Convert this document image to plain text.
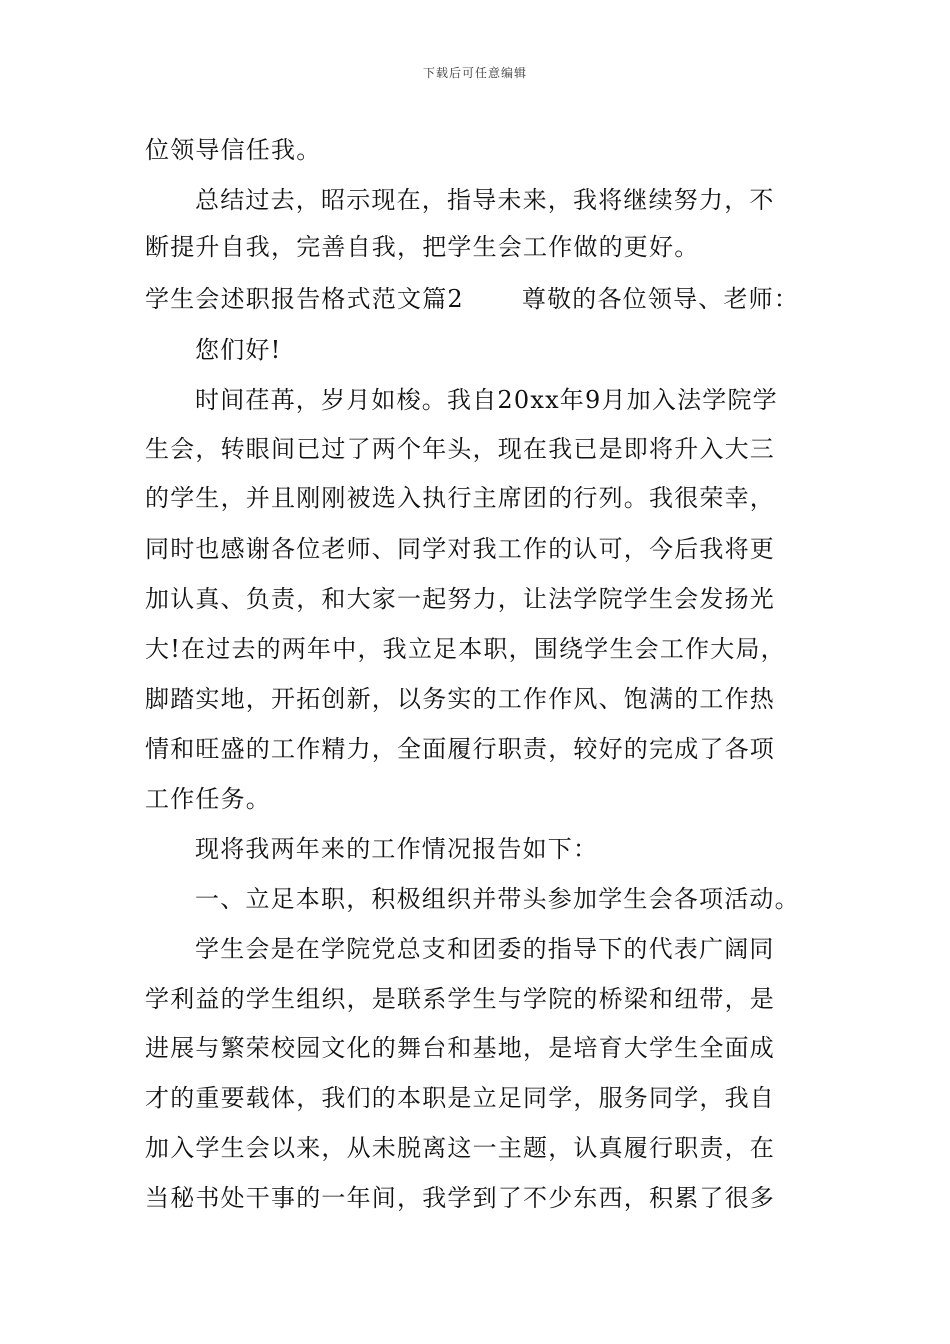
下载后可任意编辑
位领导信任我。
总结过去，昭示现在，指导未来，我将继续努力，不
断提升自我，完善自我，把学生会工作做的更好。
学生会述职报告格式范文篇2 尊敬的各位领导、老师：
您们好!
时间荏苒，岁月如梭。我自20xx年9月加入法学院学
生会，转眼间已过了两个年头，现在我已是即将升入大三
的学生，并且刚刚被选入执行主席团的行列。我很荣幸，
同时也感谢各位老师、同学对我工作的认可，今后我将更
加认真、负责，和大家一起努力，让法学院学生会发扬光
大!在过去的两年中，我立足本职，围绕学生会工作大局，
脚踏实地，开拓创新，以务实的工作作风、饱满的工作热
情和旺盛的工作精力，全面履行职责，较好的完成了各项
工作任务。
现将我两年来的工作情况报告如下：
一、立足本职，积极组织并带头参加学生会各项活动。
学生会是在学院党总支和团委的指导下的代表广阔同
学利益的学生组织，是联系学生与学院的桥梁和纽带，是
进展与繁荣校园文化的舞台和基地，是培育大学生全面成
才的重要载体，我们的本职是立足同学，服务同学，我自
加入学生会以来，从未脱离这一主题，认真履行职责，在
当秘书处干事的一年间，我学到了不少东西，积累了很多
